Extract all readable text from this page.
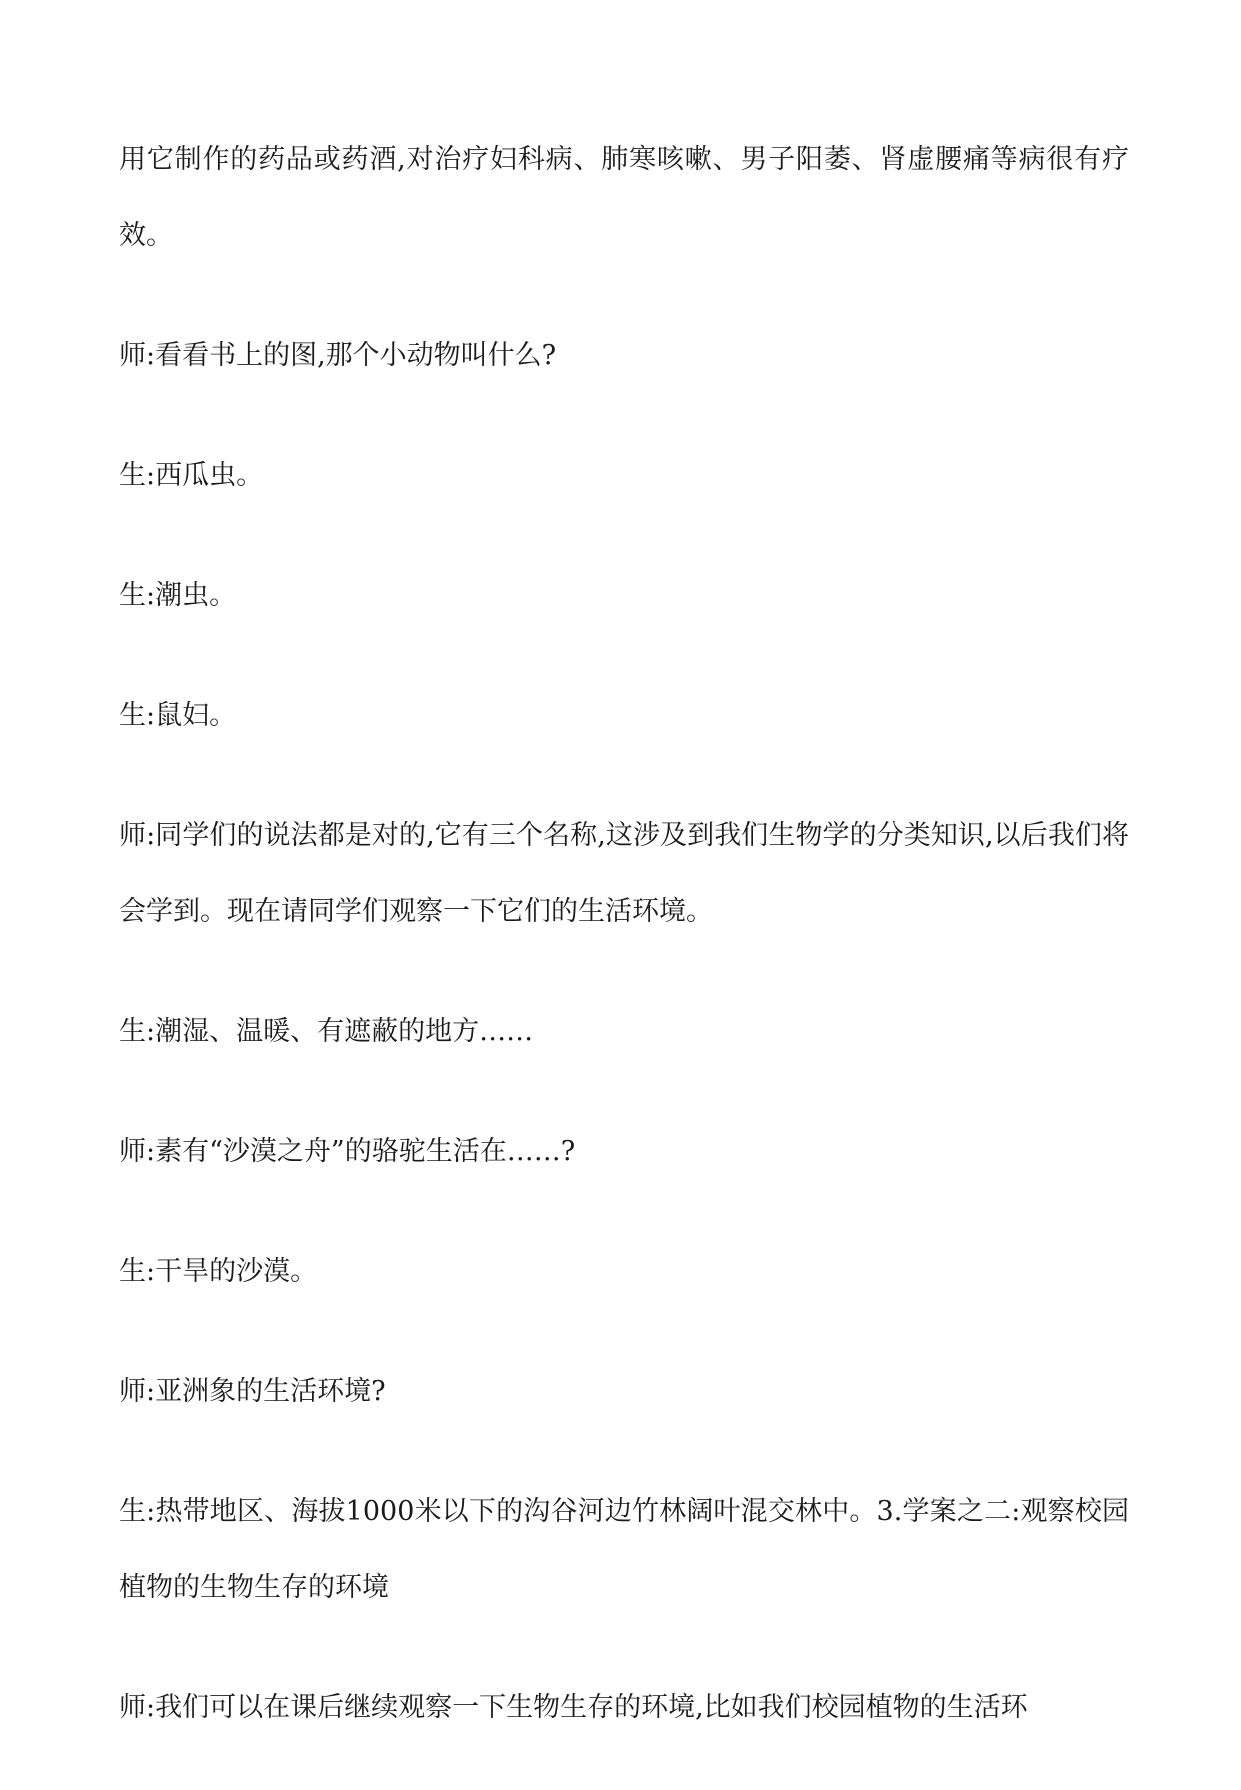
用它制作的药品或药酒,对治疗妇科病、肺寒咳嗽、男子阳萎、肾虚腰痛等病很有疗效。

师:看看书上的图,那个小动物叫什么?

生:西瓜虫。

生:潮虫。

生:鼠妇。

师:同学们的说法都是对的,它有三个名称,这涉及到我们生物学的分类知识,以后我们将会学到。现在请同学们观察一下它们的生活环境。

生:潮湿、温暖、有遮蔽的地方……

师:素有“沙漠之舟”的骆驼生活在……?

生:干旱的沙漠。

师:亚洲象的生活环境?

生:热带地区、海拔1000米以下的沟谷河边竹林阔叶混交林中。3.学案之二:观察校园植物的生物生存的环境

师:我们可以在课后继续观察一下生物生存的环境,比如我们校园植物的生活环
